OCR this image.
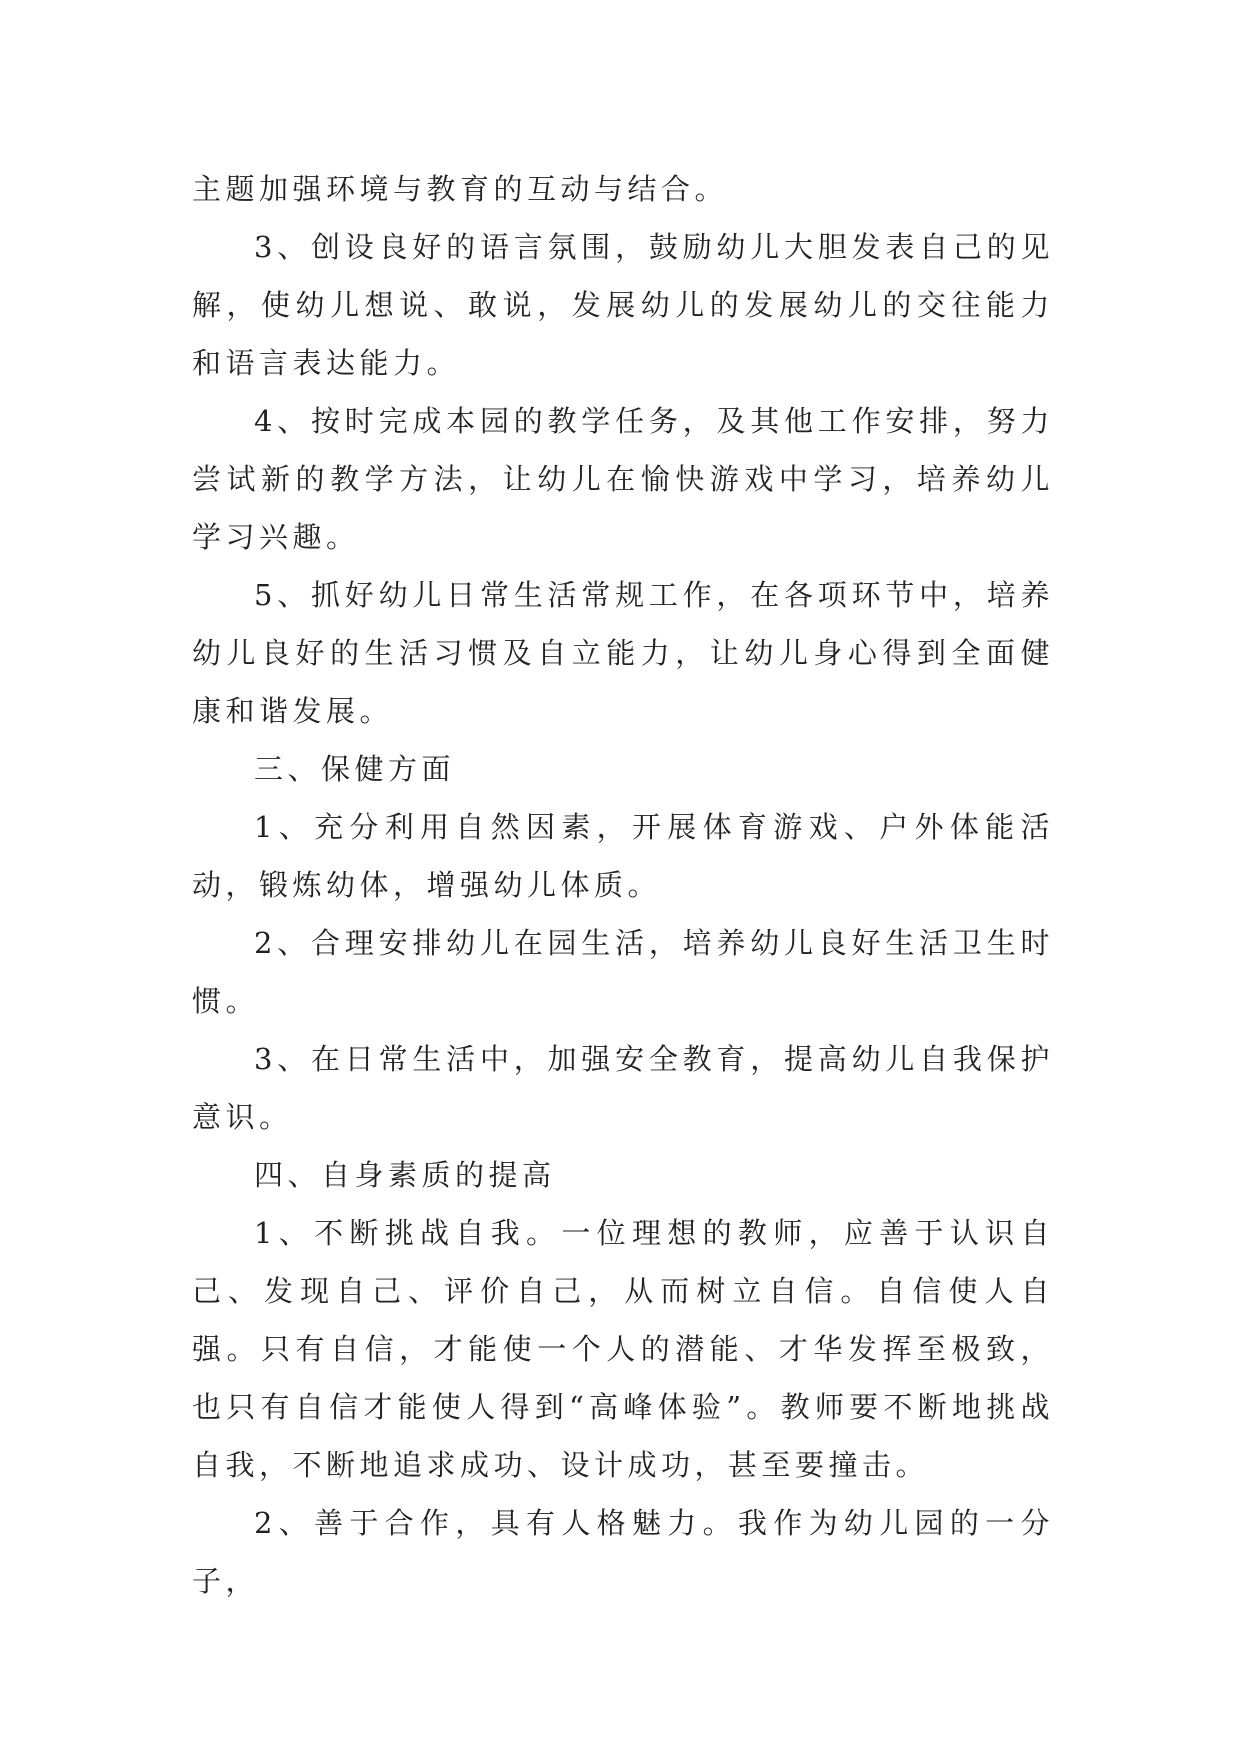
主题加强环境与教育的互动与结合。

3、创设良好的语言氛围，鼓励幼儿大胆发表自己的见解，使幼儿想说、敢说，发展幼儿的发展幼儿的交往能力和语言表达能力。

4、按时完成本园的教学任务，及其他工作安排，努力尝试新的教学方法，让幼儿在愉快游戏中学习，培养幼儿学习兴趣。

5、抓好幼儿日常生活常规工作，在各项环节中，培养幼儿良好的生活习惯及自立能力，让幼儿身心得到全面健康和谐发展。

三、保健方面

1、充分利用自然因素，开展体育游戏、户外体能活动，锻炼幼体，增强幼儿体质。

2、合理安排幼儿在园生活，培养幼儿良好生活卫生时惯。

3、在日常生活中，加强安全教育，提高幼儿自我保护意识。

四、自身素质的提高

1、不断挑战自我。一位理想的教师，应善于认识自己、发现自己、评价自己，从而树立自信。自信使人自强。只有自信，才能使一个人的潜能、才华发挥至极致，也只有自信才能使人得到“高峰体验”。教师要不断地挑战自我，不断地追求成功、设计成功，甚至要撞击。

2、善于合作，具有人格魅力。我作为幼儿园的一分子，
